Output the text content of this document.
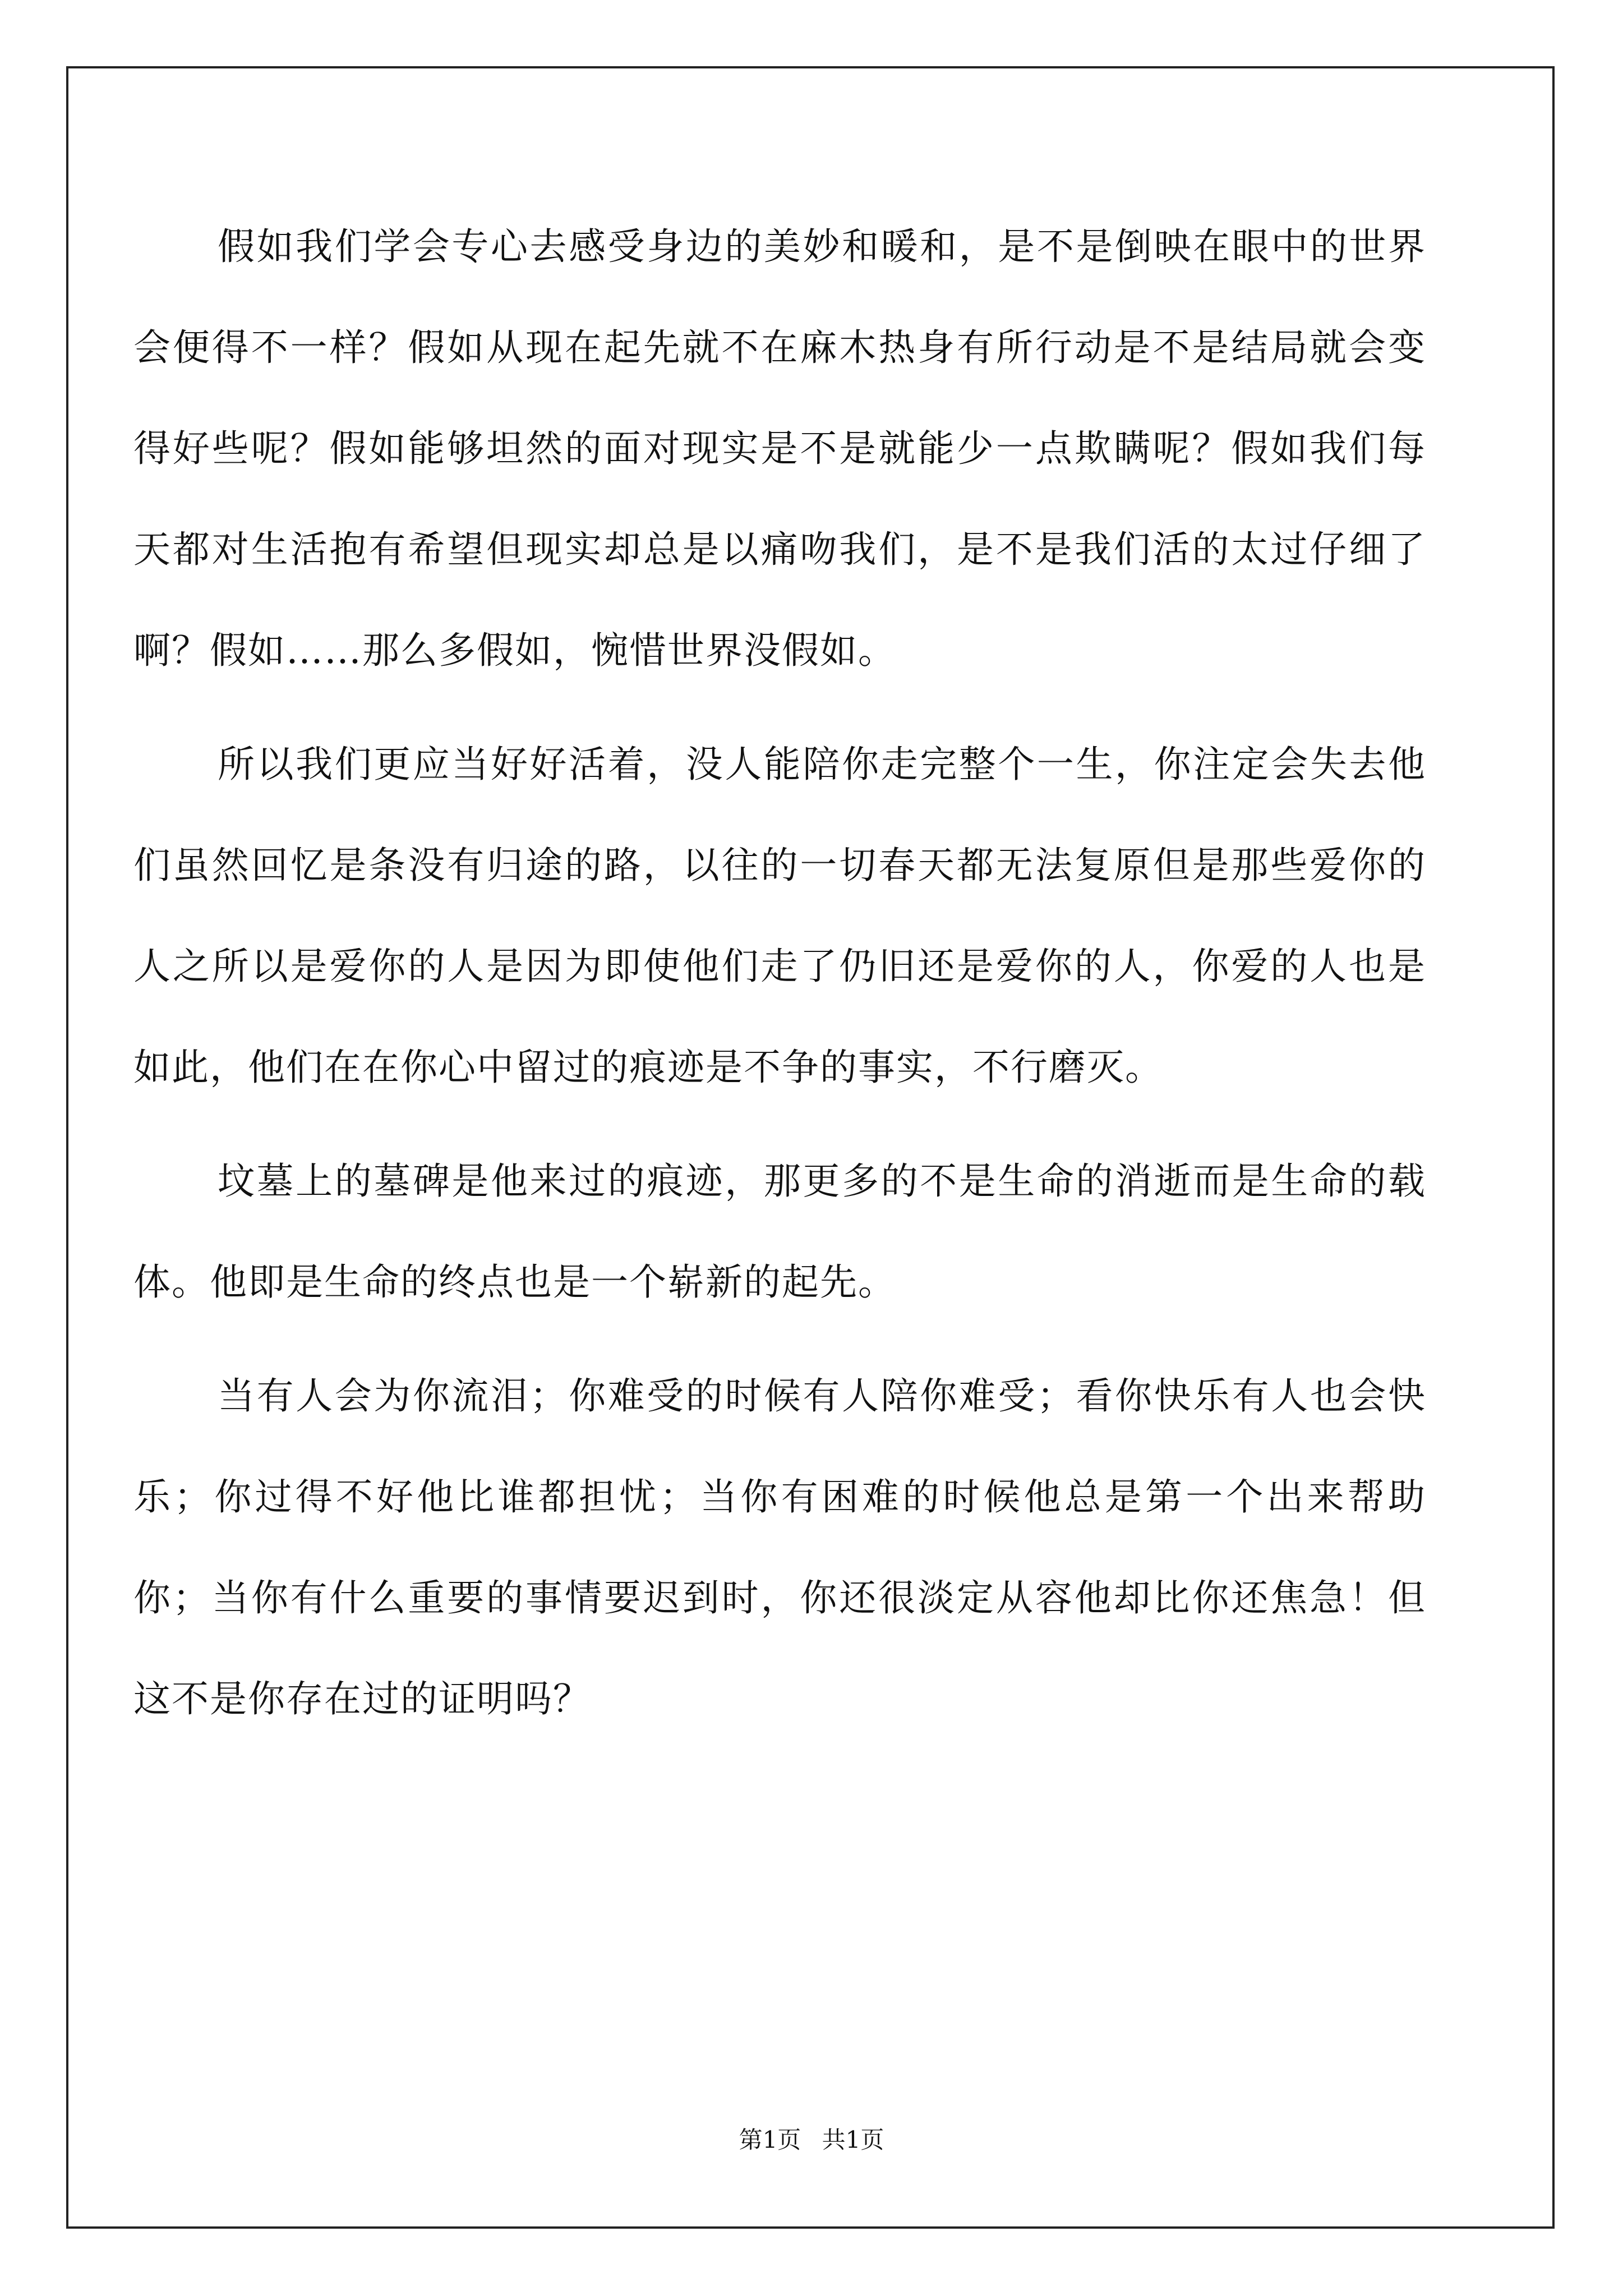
假如我们学会专心去感受身边的美妙和暖和，是不是倒映在眼中的世界会便得不一样？假如从现在起先就不在麻木热身有所行动是不是结局就会变得好些呢？假如能够坦然的面对现实是不是就能少一点欺瞒呢？假如我们每天都对生活抱有希望但现实却总是以痛吻我们，是不是我们活的太过仔细了啊？假如……那么多假如，惋惜世界没假如。

所以我们更应当好好活着，没人能陪你走完整个一生，你注定会失去他们虽然回忆是条没有归途的路，以往的一切春天都无法复原但是那些爱你的人之所以是爱你的人是因为即使他们走了仍旧还是爱你的人，你爱的人也是如此，他们在在你心中留过的痕迹是不争的事实，不行磨灭。

坟墓上的墓碑是他来过的痕迹，那更多的不是生命的消逝而是生命的载体。他即是生命的终点也是一个崭新的起先。

当有人会为你流泪；你难受的时候有人陪你难受；看你快乐有人也会快乐；你过得不好他比谁都担忧；当你有困难的时候他总是第一个出来帮助你；当你有什么重要的事情要迟到时，你还很淡定从容他却比你还焦急！但这不是你存在过的证明吗？

第1页 共1页
